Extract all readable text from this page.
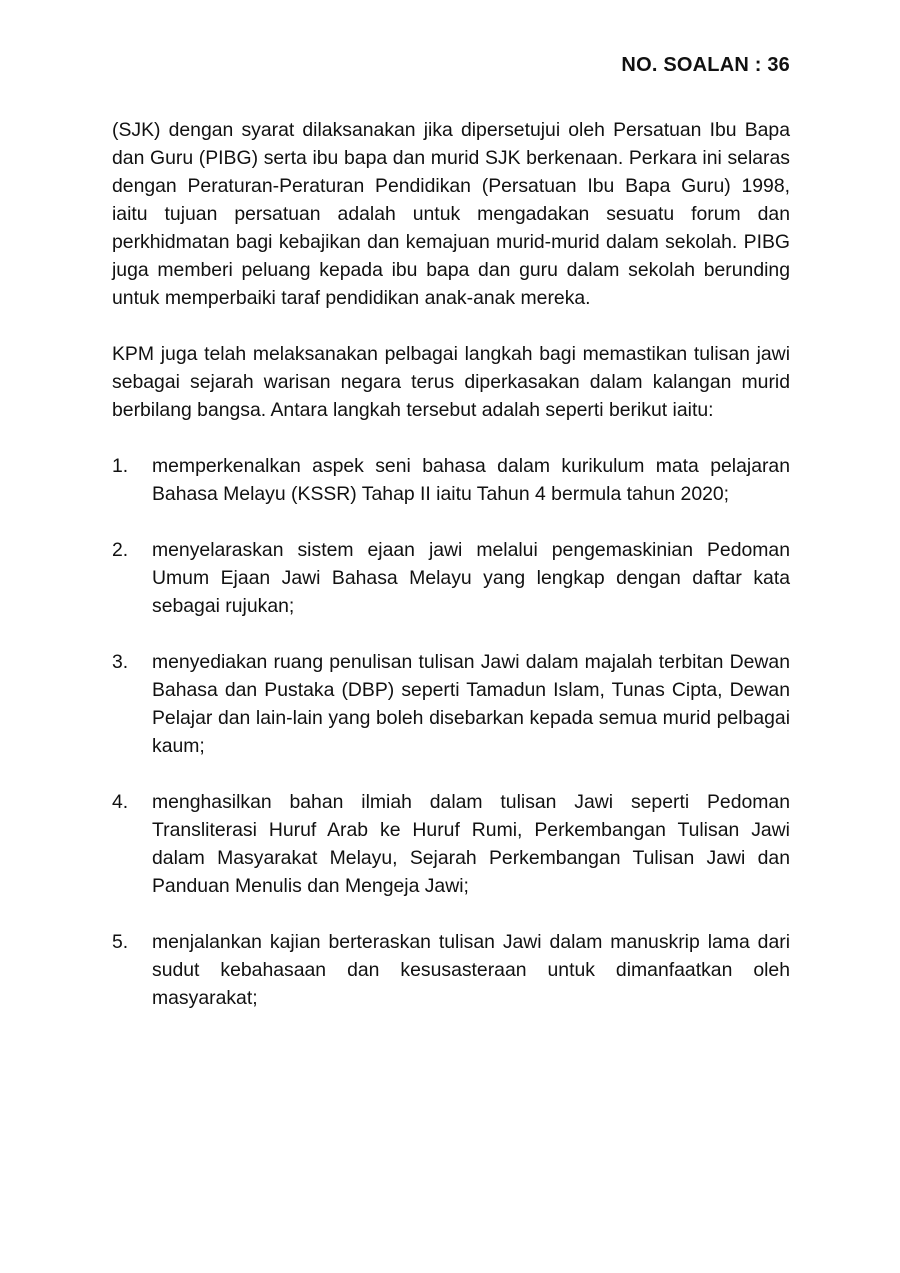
NO. SOALAN : 36

(SJK) dengan syarat dilaksanakan jika dipersetujui oleh Persatuan Ibu Bapa dan Guru (PIBG) serta ibu bapa dan murid SJK berkenaan. Perkara ini selaras dengan Peraturan-Peraturan Pendidikan (Persatuan Ibu Bapa Guru) 1998, iaitu tujuan persatuan adalah untuk mengadakan sesuatu forum dan perkhidmatan bagi kebajikan dan kemajuan murid-murid dalam sekolah. PIBG juga memberi peluang kepada ibu bapa dan guru dalam sekolah berunding untuk memperbaiki taraf pendidikan anak-anak mereka.

KPM juga telah melaksanakan pelbagai langkah bagi memastikan tulisan jawi sebagai sejarah warisan negara terus diperkasakan dalam kalangan murid berbilang bangsa. Antara langkah tersebut adalah seperti berikut iaitu:

1.	memperkenalkan aspek seni bahasa dalam kurikulum mata pelajaran Bahasa Melayu (KSSR) Tahap II iaitu Tahun 4 bermula tahun 2020;
2.	menyelaraskan sistem ejaan jawi melalui pengemaskinian Pedoman Umum Ejaan Jawi Bahasa Melayu yang lengkap dengan daftar kata sebagai rujukan;
3.	menyediakan ruang penulisan tulisan Jawi dalam majalah terbitan Dewan Bahasa dan Pustaka (DBP) seperti Tamadun Islam, Tunas Cipta, Dewan Pelajar dan lain-lain yang boleh disebarkan kepada semua murid pelbagai kaum;
4.	menghasilkan bahan ilmiah dalam tulisan Jawi seperti Pedoman Transliterasi Huruf Arab ke Huruf Rumi, Perkembangan Tulisan Jawi dalam Masyarakat Melayu, Sejarah Perkembangan Tulisan Jawi dan Panduan Menulis dan Mengeja Jawi;
5.	menjalankan kajian berteraskan tulisan Jawi dalam manuskrip lama dari sudut kebahasaan dan kesusasteraan untuk dimanfaatkan oleh masyarakat;
